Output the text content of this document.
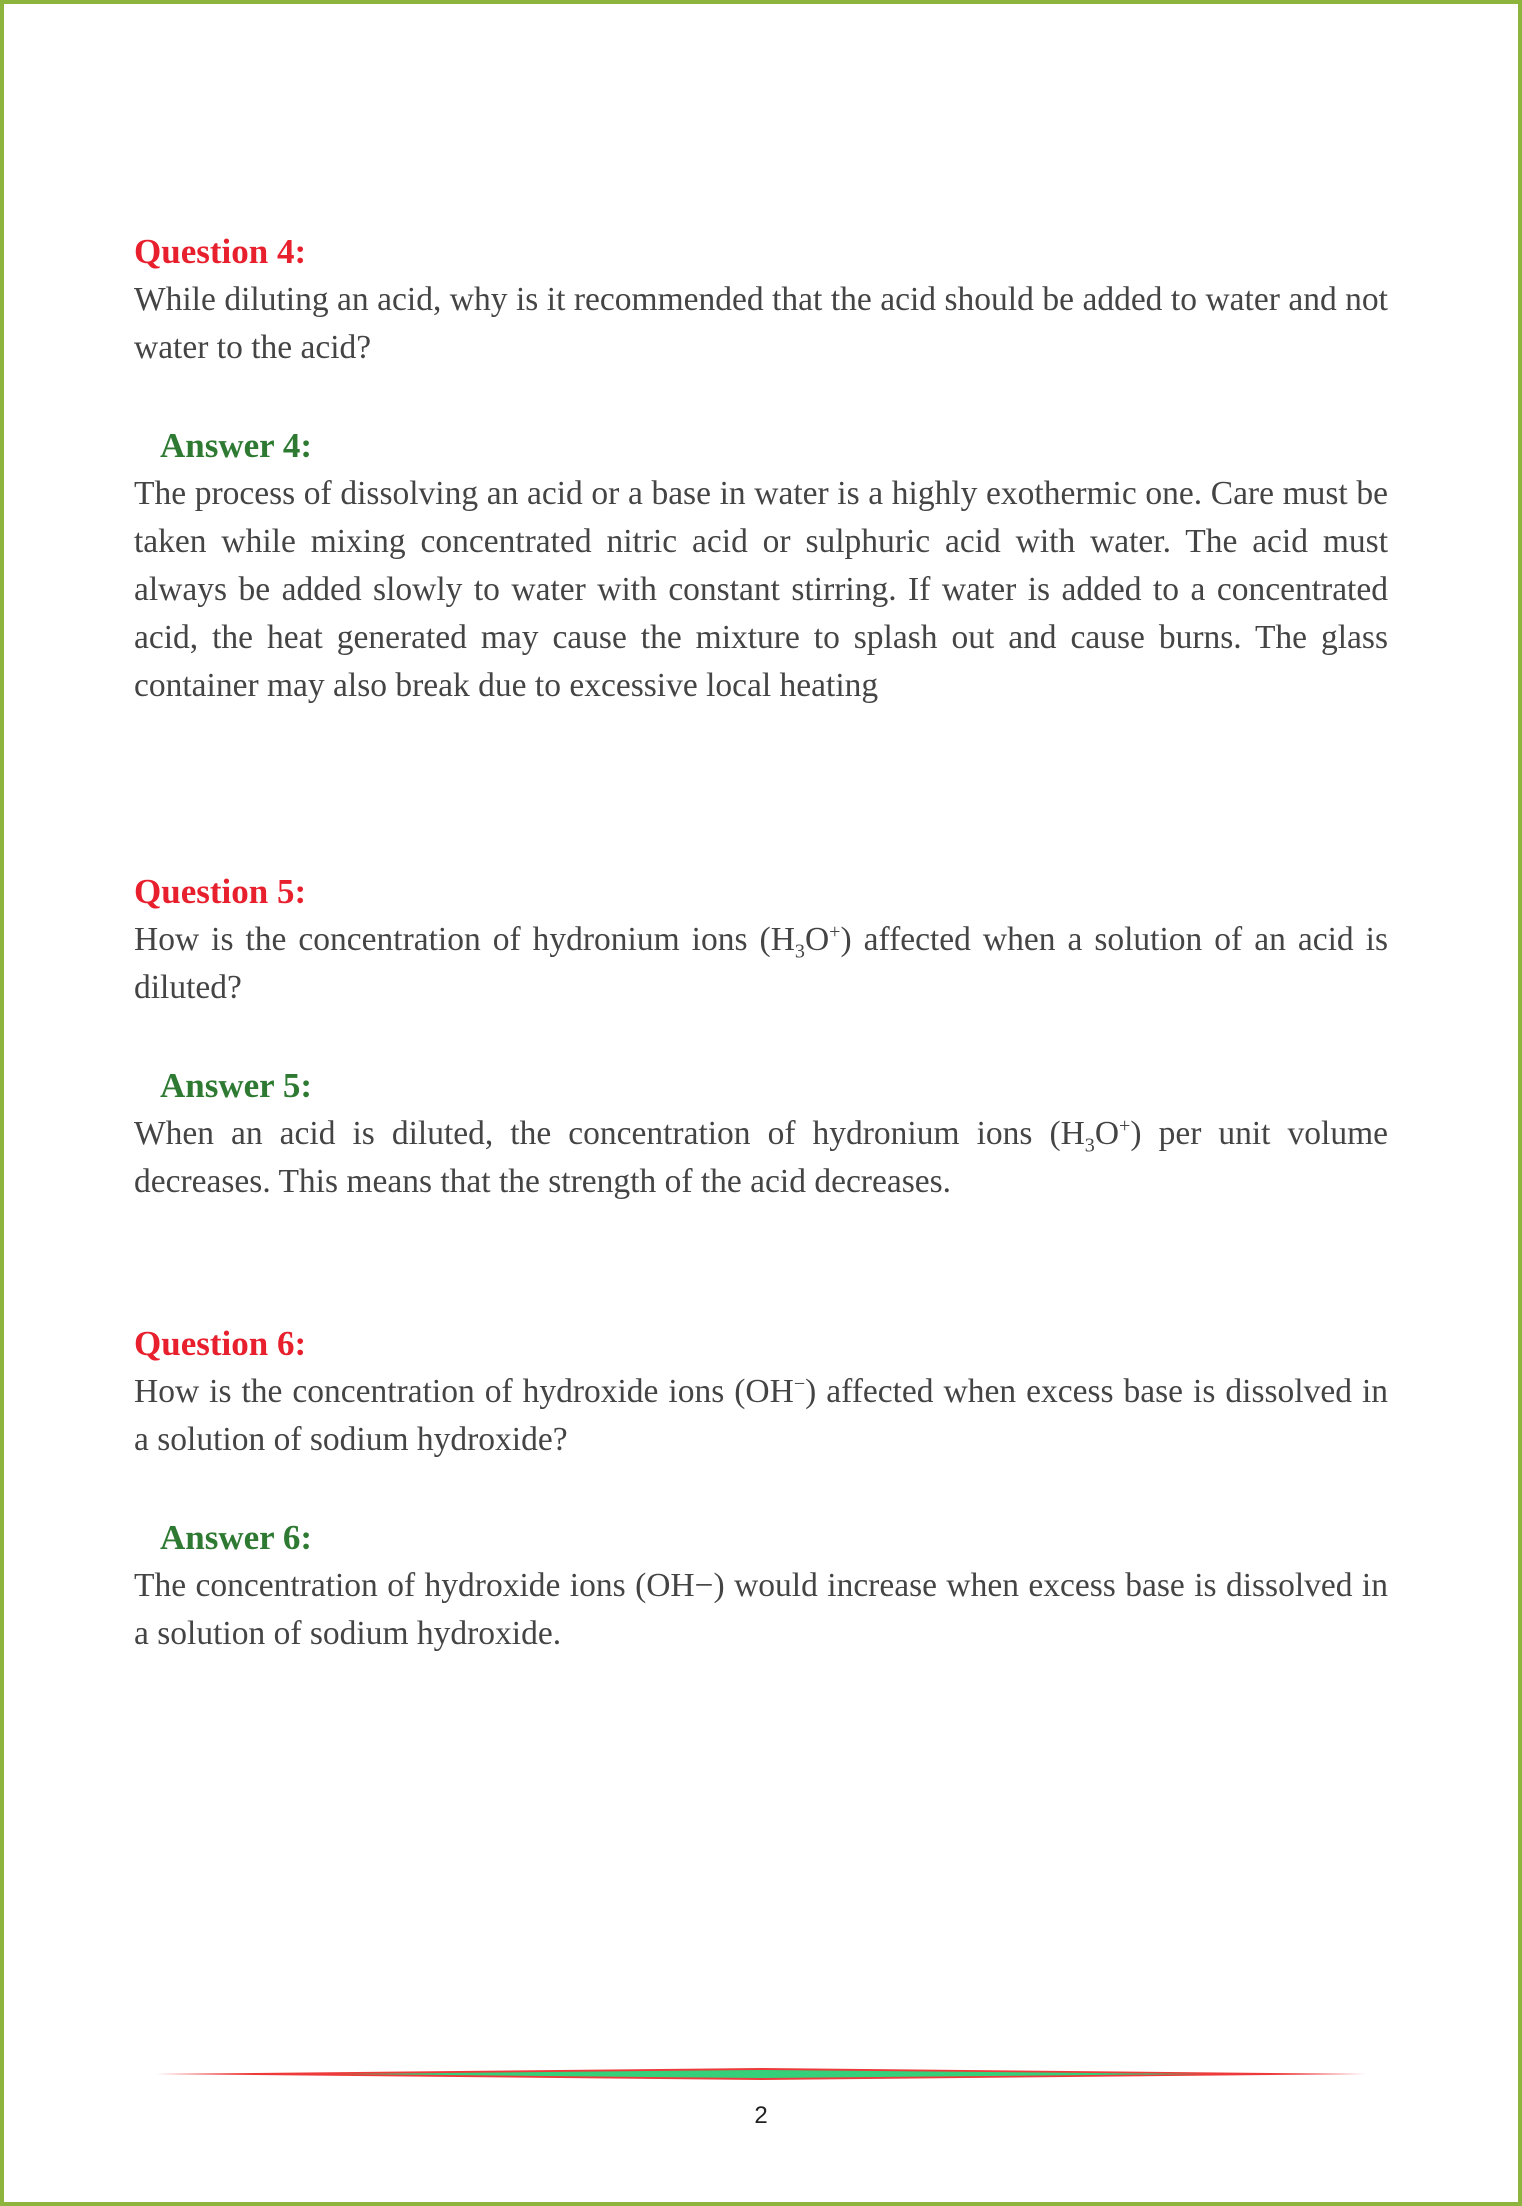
Question 4:
While diluting an acid, why is it recommended that the acid should be added to water and not water to the acid?
Answer 4:
The process of dissolving an acid or a base in water is a highly exothermic one. Care must be taken while mixing concentrated nitric acid or sulphuric acid with water. The acid must always be added slowly to water with constant stirring. If water is added to a concentrated acid, the heat generated may cause the mixture to splash out and cause burns. The glass container may also break due to excessive local heating
Question 5:
How is the concentration of hydronium ions $(H_3O^+)$ affected when a solution of an acid is diluted?
Answer 5:
When an acid is diluted, the concentration of hydronium ions $(H_3O^+)$ per unit volume decreases. This means that the strength of the acid decreases.
Question 6:
How is the concentration of hydroxide ions (OH−) affected when excess base is dissolved in a solution of sodium hydroxide?
Answer 6:
The concentration of hydroxide ions (OH−) would increase when excess base is dissolved in a solution of sodium hydroxide.
2
